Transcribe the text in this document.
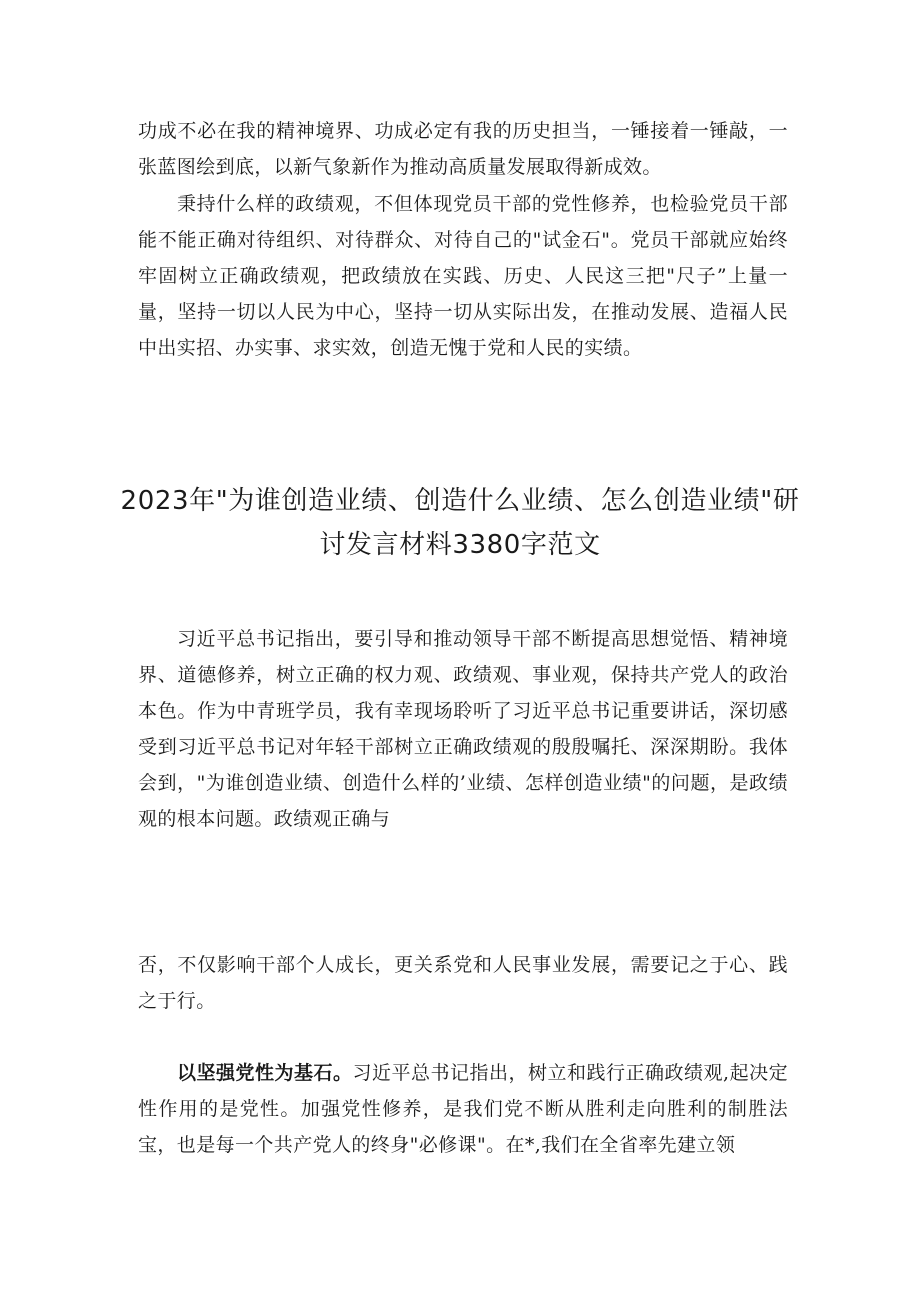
功成不必在我的精神境界、功成必定有我的历史担当，一锤接着一锤敲，一张蓝图绘到底，以新气象新作为推动高质量发展取得新成效。

秉持什么样的政绩观，不但体现党员干部的党性修养，也检验党员干部能不能正确对待组织、对待群众、对待自己的"试金石"。党员干部就应始终牢固树立正确政绩观，把政绩放在实践、历史、人民这三把"尺子”上量一量，坚持一切以人民为中心，坚持一切从实际出发，在推动发展、造福人民中出实招、办实事、求实效，创造无愧于党和人民的实绩。

2023年"为谁创造业绩、创造什么业绩、怎么创造业绩"研讨发言材料3380字范文

习近平总书记指出，要引导和推动领导干部不断提高思想觉悟、精神境界、道德修养，树立正确的权力观、政绩观、事业观，保持共产党人的政治本色。作为中青班学员，我有幸现场聆听了习近平总书记重要讲话，深切感受到习近平总书记对年轻干部树立正确政绩观的殷殷嘱托、深深期盼。我体会到，"为谁创造业绩、创造什么样的’业绩、怎样创造业绩"的问题，是政绩观的根本问题。政绩观正确与

否，不仅影响干部个人成长，更关系党和人民事业发展，需要记之于心、践之于行。

以坚强党性为基石。习近平总书记指出，树立和践行正确政绩观,起决定性作用的是党性。加强党性修养，是我们党不断从胜利走向胜利的制胜法宝，也是每一个共产党人的终身"必修课"。在*,我们在全省率先建立领
